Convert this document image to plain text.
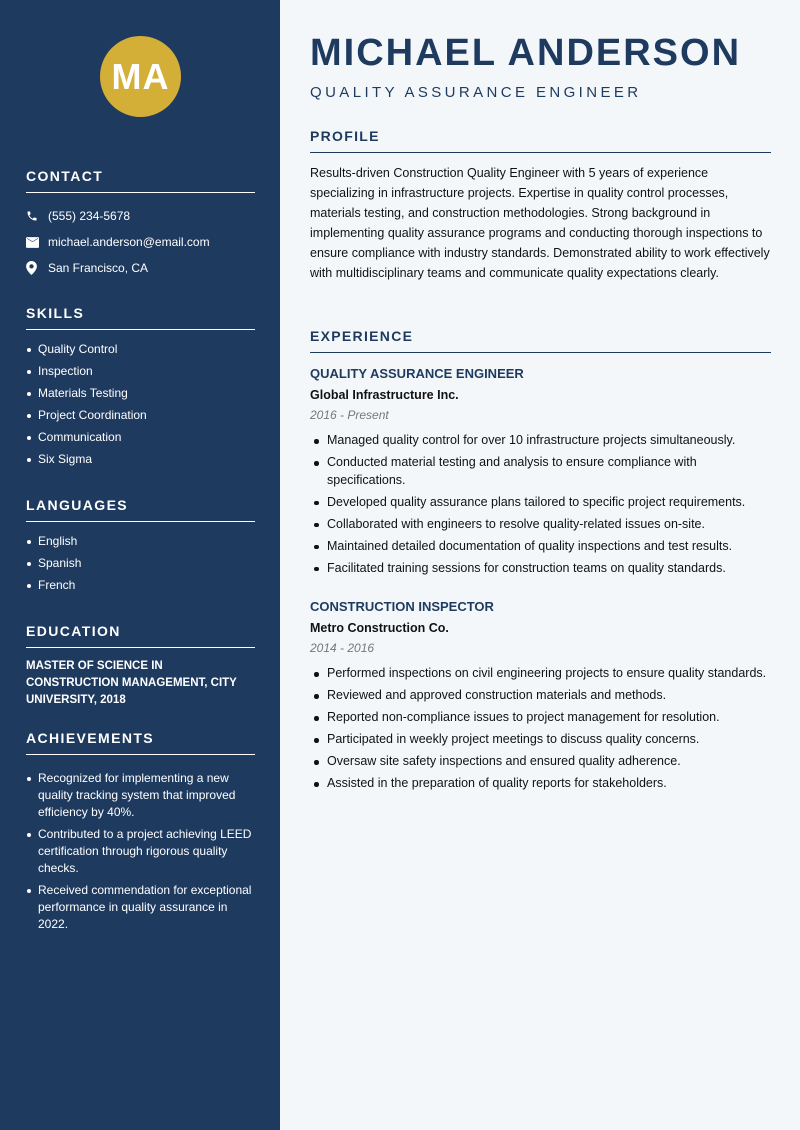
MA
CONTACT
(555) 234-5678
michael.anderson@email.com
San Francisco, CA
SKILLS
Quality Control
Inspection
Materials Testing
Project Coordination
Communication
Six Sigma
LANGUAGES
English
Spanish
French
EDUCATION
MASTER OF SCIENCE IN CONSTRUCTION MANAGEMENT, CITY UNIVERSITY, 2018
ACHIEVEMENTS
Recognized for implementing a new quality tracking system that improved efficiency by 40%.
Contributed to a project achieving LEED certification through rigorous quality checks.
Received commendation for exceptional performance in quality assurance in 2022.
MICHAEL ANDERSON
QUALITY ASSURANCE ENGINEER
PROFILE
Results-driven Construction Quality Engineer with 5 years of experience specializing in infrastructure projects. Expertise in quality control processes, materials testing, and construction methodologies. Strong background in implementing quality assurance programs and conducting thorough inspections to ensure compliance with industry standards. Demonstrated ability to work effectively with multidisciplinary teams and communicate quality expectations clearly.
EXPERIENCE
QUALITY ASSURANCE ENGINEER
Global Infrastructure Inc.
2016 - Present
Managed quality control for over 10 infrastructure projects simultaneously.
Conducted material testing and analysis to ensure compliance with specifications.
Developed quality assurance plans tailored to specific project requirements.
Collaborated with engineers to resolve quality-related issues on-site.
Maintained detailed documentation of quality inspections and test results.
Facilitated training sessions for construction teams on quality standards.
CONSTRUCTION INSPECTOR
Metro Construction Co.
2014 - 2016
Performed inspections on civil engineering projects to ensure quality standards.
Reviewed and approved construction materials and methods.
Reported non-compliance issues to project management for resolution.
Participated in weekly project meetings to discuss quality concerns.
Oversaw site safety inspections and ensured quality adherence.
Assisted in the preparation of quality reports for stakeholders.
